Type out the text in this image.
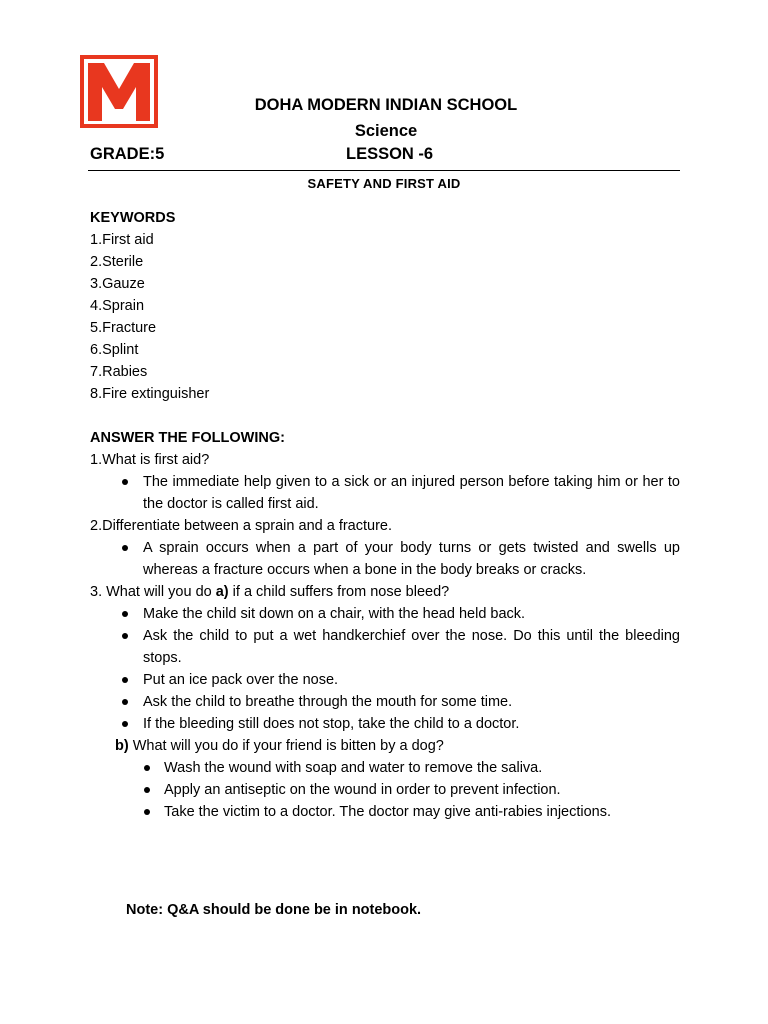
DOHA MODERN INDIAN SCHOOL
Science
GRADE:5	LESSON -6
SAFETY AND FIRST AID
KEYWORDS
1.First aid
2.Sterile
3.Gauze
4.Sprain
5.Fracture
6.Splint
7.Rabies
8.Fire extinguisher
ANSWER THE FOLLOWING:
1.What is first aid?
The immediate help given to a sick or an injured person before taking him or her to the doctor is called first aid.
2.Differentiate between a sprain and a fracture.
A sprain occurs when a part of your body turns or gets twisted and swells up whereas a fracture occurs when a bone in the body breaks or cracks.
3. What will you do a) if a child suffers from nose bleed?
Make the child sit down on a chair, with the head held back.
Ask the child to put a wet handkerchief over the nose. Do this until the bleeding stops.
Put an ice pack over the nose.
Ask the child to breathe through the mouth for some time.
If the bleeding still does not stop, take the child to a doctor.
b) What will you do if your friend is bitten by a dog?
Wash the wound with soap and water to remove the saliva.
Apply an antiseptic on the wound in order to prevent infection.
Take the victim to a doctor. The doctor may give anti-rabies injections.
Note: Q&A should be done be in notebook.
